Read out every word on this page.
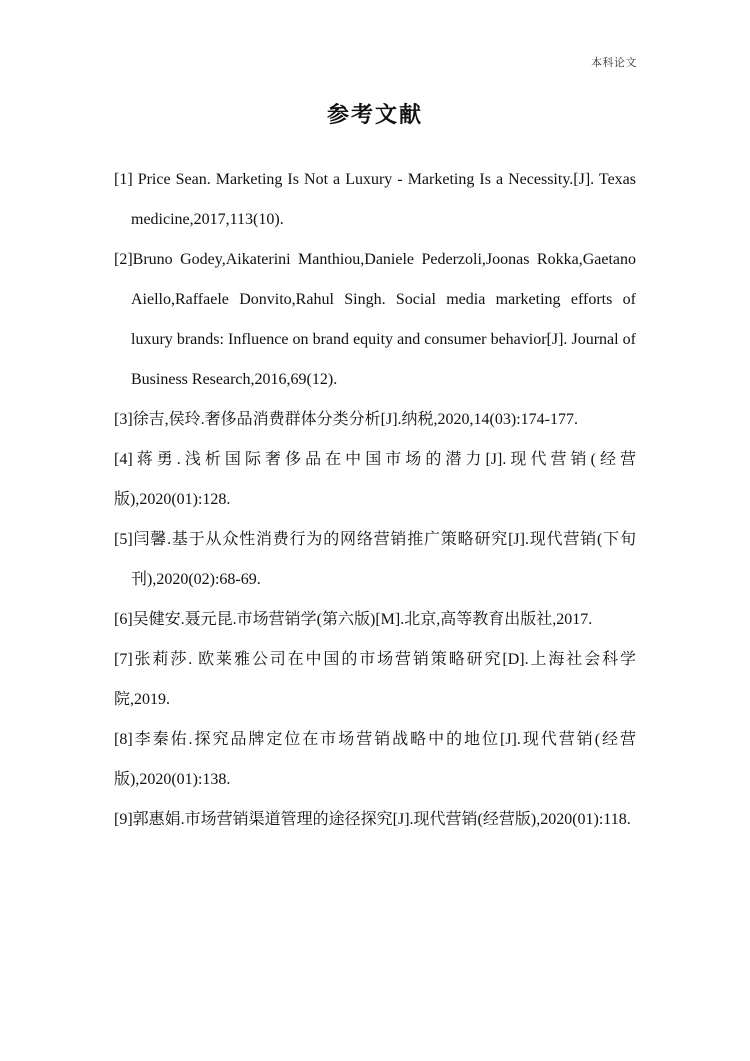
本科论文
参考文献

[1] Price Sean. Marketing Is Not a Luxury - Marketing Is a Necessity.[J]. Texas medicine,2017,113(10).

[2]Bruno Godey,Aikaterini Manthiou,Daniele Pederzoli,Joonas Rokka,Gaetano Aiello,Raffaele Donvito,Rahul Singh. Social media marketing efforts of luxury brands: Influence on brand equity and consumer behavior[J]. Journal of Business Research,2016,69(12).

[3]徐吉,侯玲.奢侈品消费群体分类分析[J].纳税,2020,14(03):174-177.

[4]蒋勇.浅析国际奢侈品在中国市场的潜力[J].现代营销(经营版),2020(01):128.

[5]闫馨.基于从众性消费行为的网络营销推广策略研究[J].现代营销(下旬刊),2020(02):68-69.

[6]吴健安.聂元昆.市场营销学(第六版)[M].北京,高等教育出版社,2017.

[7]张莉莎. 欧莱雅公司在中国的市场营销策略研究[D].上海社会科学院,2019.

[8]李秦佑.探究品牌定位在市场营销战略中的地位[J].现代营销(经营版),2020(01):138.

[9]郭惠娟.市场营销渠道管理的途径探究[J].现代营销(经营版),2020(01):118.
